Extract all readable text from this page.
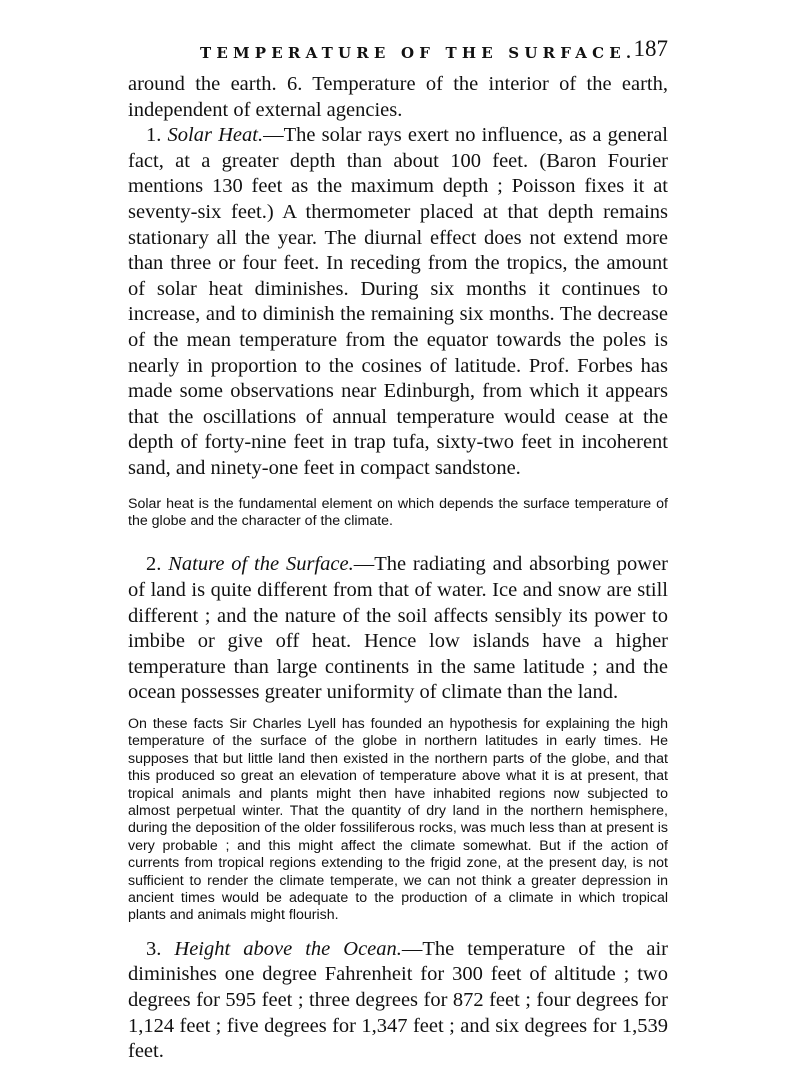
TEMPERATURE OF THE SURFACE.
187

around the earth. 6. Temperature of the interior of the earth, independent of external agencies.

1. Solar Heat.—The solar rays exert no influence, as a general fact, at a greater depth than about 100 feet. (Baron Fourier mentions 130 feet as the maximum depth ; Poisson fixes it at seventy-six feet.) A thermometer placed at that depth remains stationary all the year. The diurnal effect does not extend more than three or four feet. In receding from the tropics, the amount of solar heat diminishes. During six months it continues to increase, and to diminish the remaining six months. The decrease of the mean temperature from the equator towards the poles is nearly in proportion to the cosines of latitude. Prof. Forbes has made some observations near Edinburgh, from which it appears that the oscillations of annual temperature would cease at the depth of forty-nine feet in trap tufa, sixty-two feet in incoherent sand, and ninety-one feet in compact sandstone.

Solar heat is the fundamental element on which depends the surface temperature of the globe and the character of the climate.

2. Nature of the Surface.—The radiating and absorbing power of land is quite different from that of water. Ice and snow are still different ; and the nature of the soil affects sensibly its power to imbibe or give off heat. Hence low islands have a higher temperature than large continents in the same latitude ; and the ocean possesses greater uniformity of climate than the land.

On these facts Sir Charles Lyell has founded an hypothesis for explaining the high temperature of the surface of the globe in northern latitudes in early times. He supposes that but little land then existed in the northern parts of the globe, and that this produced so great an elevation of temperature above what it is at present, that tropical animals and plants might then have inhabited regions now subjected to almost perpetual winter. That the quantity of dry land in the northern hemisphere, during the deposition of the older fossiliferous rocks, was much less than at present is very probable ; and this might affect the climate somewhat. But if the action of currents from tropical regions extending to the frigid zone, at the present day, is not sufficient to render the climate temperate, we can not think a greater depression in ancient times would be adequate to the production of a climate in which tropical plants and animals might flourish.

3. Height above the Ocean.—The temperature of the air diminishes one degree Fahrenheit for 300 feet of altitude ; two degrees for 595 feet ; three degrees for 872 feet ; four degrees for 1,124 feet ; five degrees for 1,347 feet ; and six degrees for 1,539 feet.
